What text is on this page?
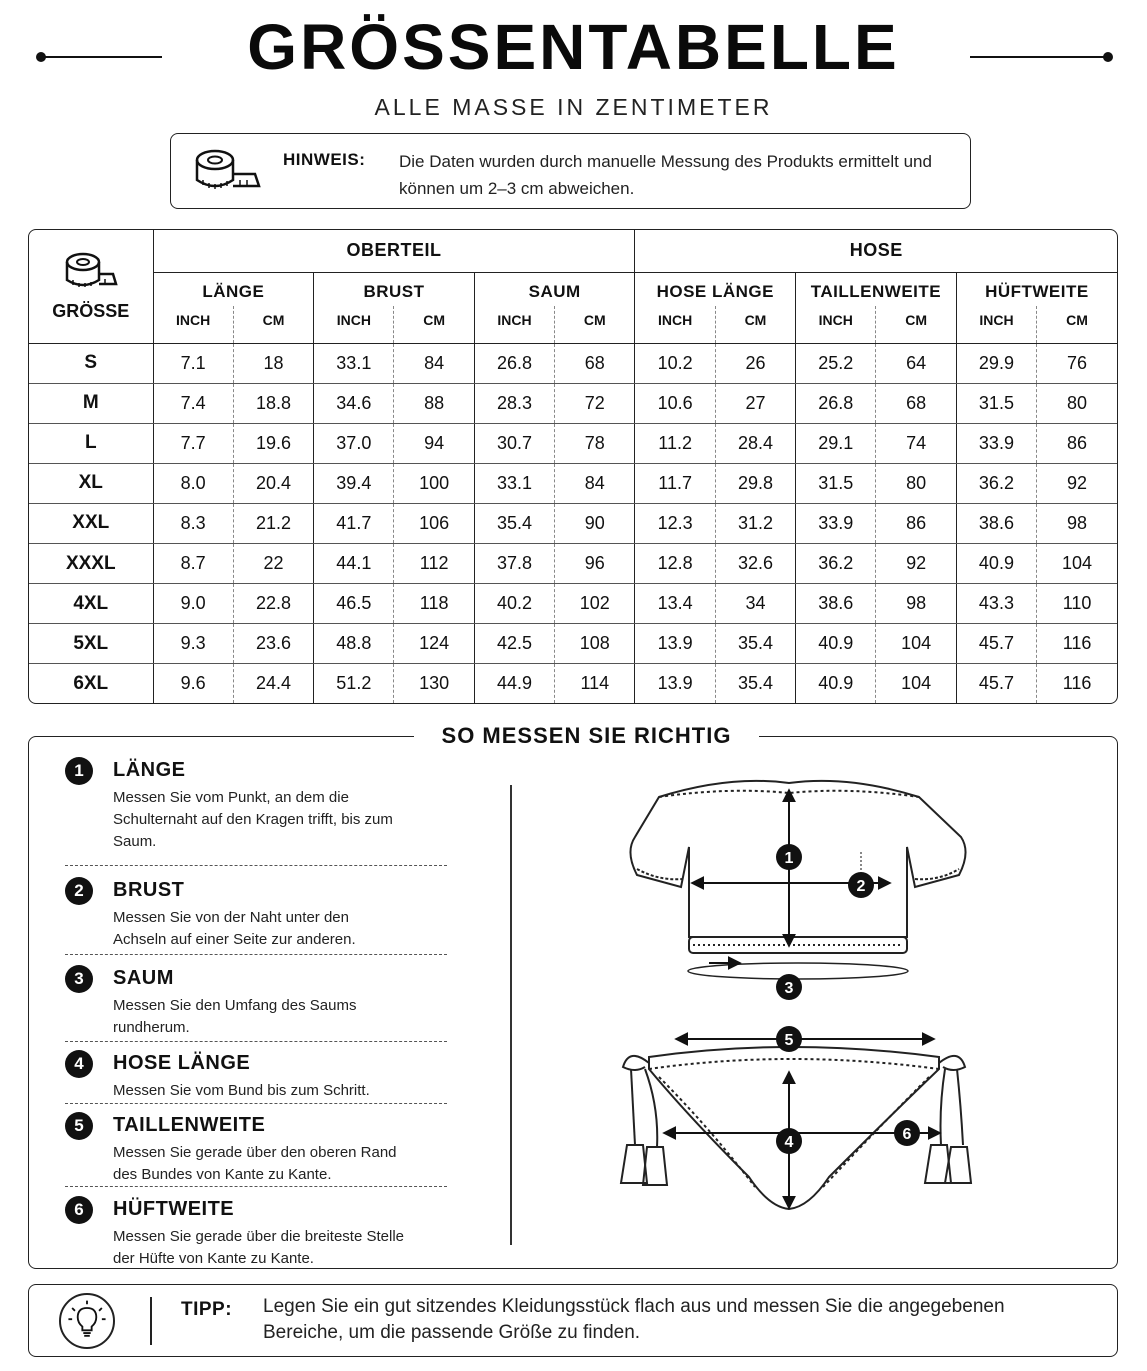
GRÖSSENTABELLE
ALLE MASSE IN ZENTIMETER
HINWEIS: Die Daten wurden durch manuelle Messung des Produkts ermittelt und können um 2–3 cm abweichen.
GRÖSSE	OBERTEIL						HOSE					
	LÄNGE		BRUST		SAUM		HOSE LÄNGE		TAILLENWEITE		HÜFTWEITE	
	INCH	CM	INCH	CM	INCH	CM	INCH	CM	INCH	CM	INCH	CM
S	7.1	18	33.1	84	26.8	68	10.2	26	25.2	64	29.9	76
M	7.4	18.8	34.6	88	28.3	72	10.6	27	26.8	68	31.5	80
L	7.7	19.6	37.0	94	30.7	78	11.2	28.4	29.1	74	33.9	86
XL	8.0	20.4	39.4	100	33.1	84	11.7	29.8	31.5	80	36.2	92
XXL	8.3	21.2	41.7	106	35.4	90	12.3	31.2	33.9	86	38.6	98
XXXL	8.7	22	44.1	112	37.8	96	12.8	32.6	36.2	92	40.9	104
4XL	9.0	22.8	46.5	118	40.2	102	13.4	34	38.6	98	43.3	110
5XL	9.3	23.6	48.8	124	42.5	108	13.9	35.4	40.9	104	45.7	116
6XL	9.6	24.4	51.2	130	44.9	114	13.9	35.4	40.9	104	45.7	116
SO MESSEN SIE RICHTIG
1	LÄNGE
Messen Sie vom Punkt, an dem die Schulternaht auf den Kragen trifft, bis zum Saum.
2	BRUST
Messen Sie von der Naht unter den Achseln auf einer Seite zur anderen.
3	SAUM
Messen Sie den Umfang des Saums rundherum.
4	HOSE LÄNGE
Messen Sie vom Bund bis zum Schritt.
5	TAILLENWEITE
Messen Sie gerade über den oberen Rand des Bundes von Kante zu Kante.
6	HÜFTWEITE
Messen Sie gerade über die breiteste Stelle der Hüfte von Kante zu Kante.
1
2
3
5
4	6
TIPP: Legen Sie ein gut sitzendes Kleidungsstück flach aus und messen Sie die angegebenen Bereiche, um die passende Größe zu finden.
